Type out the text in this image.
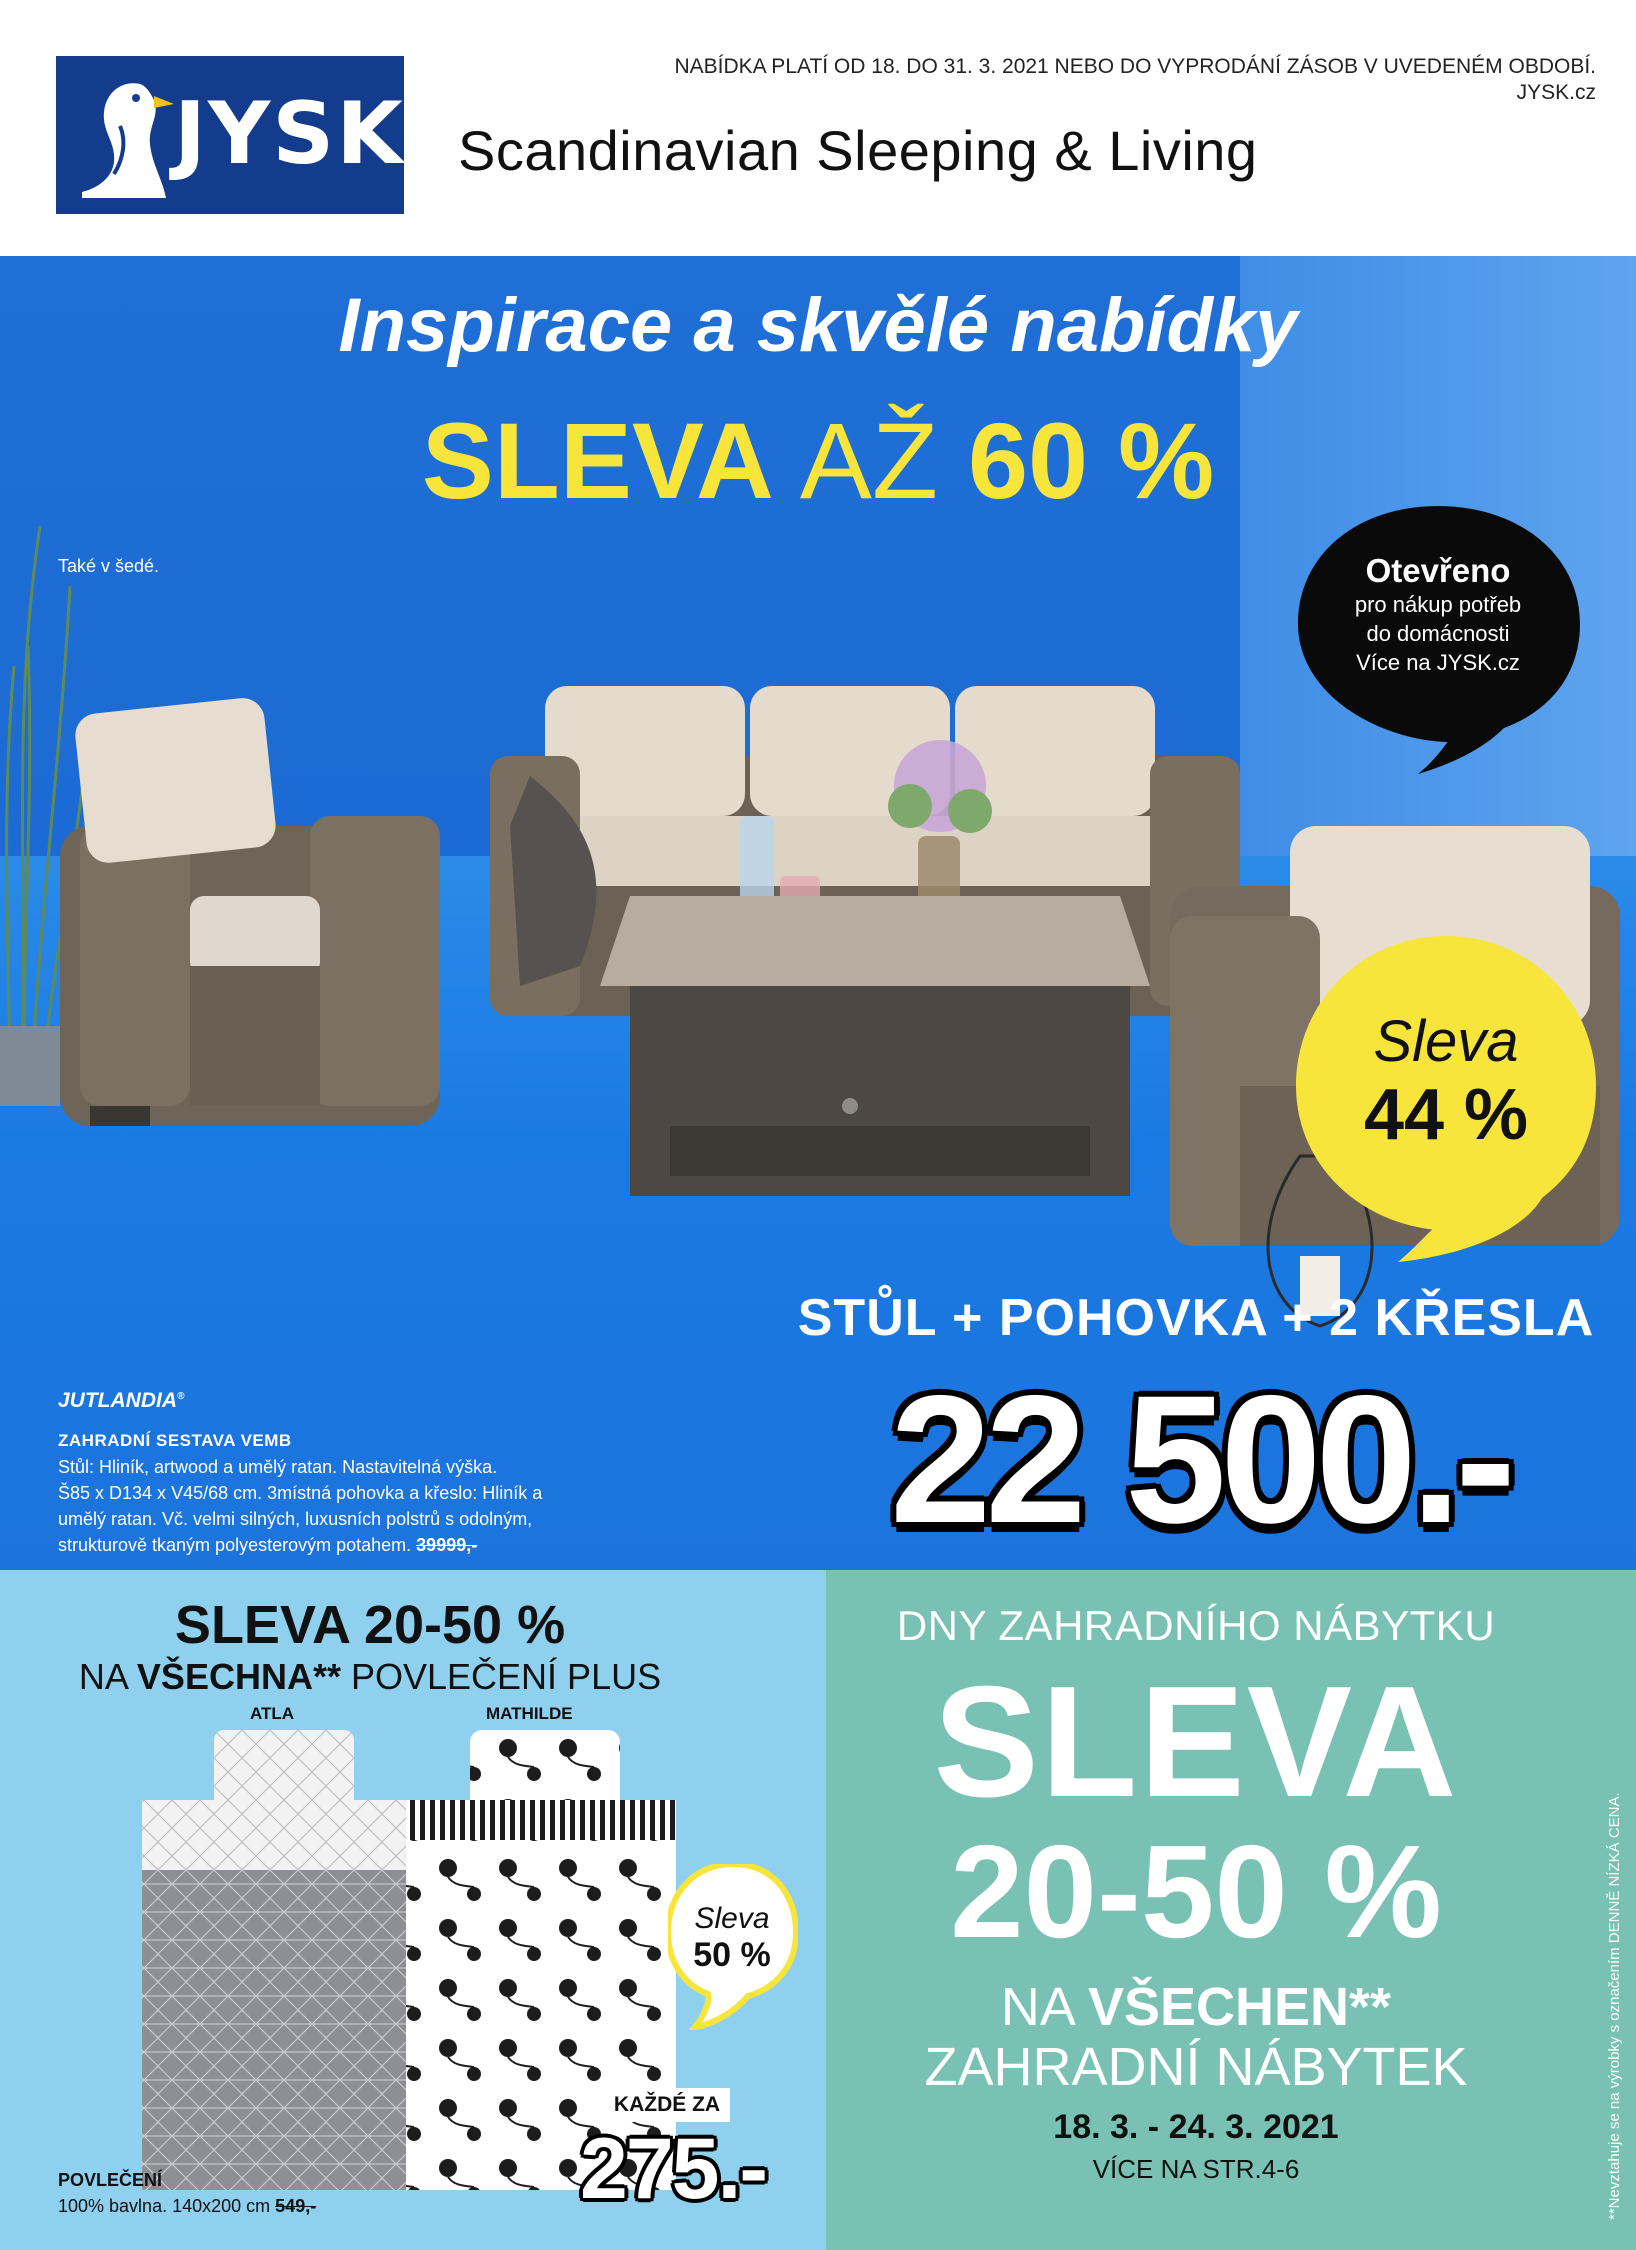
JYSK
NABÍDKA PLATÍ OD 18. DO 31. 3. 2021 NEBO DO VYPRODÁNÍ ZÁSOB V UVEDENÉM OBDOBÍ.
JYSK.cz
Scandinavian Sleeping & Living
Inspirace a skvělé nabídky
SLEVA AŽ 60 %
Také v šedé.	Otevřeno
pro nákup potřeb
do domácnosti
Více na JYSK.cz
Sleva
44 %
STŮL + POHOVKA + 2 KŘESLA
22 500.-
JUTLANDIA®
ZAHRADNÍ SESTAVA VEMB
Stůl: Hliník, artwood a umělý ratan. Nastavitelná výška.
Š85 x D134 x V45/68 cm. 3místná pohovka a křeslo: Hliník a
umělý ratan. Vč. velmi silných, luxusních polstrů s odolným,
strukturově tkaným polyesterovým potahem. 39999,-
SLEVA 20-50 %
NA VŠECHNA** POVLEČENÍ PLUS
ATLA	MATHILDE
Sleva
50 %
KAŽDÉ ZA
275.-
POVLEČENÍ
100% bavlna. 140x200 cm 549,-
DNY ZAHRADNÍHO NÁBYTKU
SLEVA
20-50 %
NA VŠECHEN**
ZAHRADNÍ NÁBYTEK
18. 3. - 24. 3. 2021
VÍCE NA STR.4-6	**Nevztahuje se na výrobky s označením DENNĚ NÍZKÁ CENA.
